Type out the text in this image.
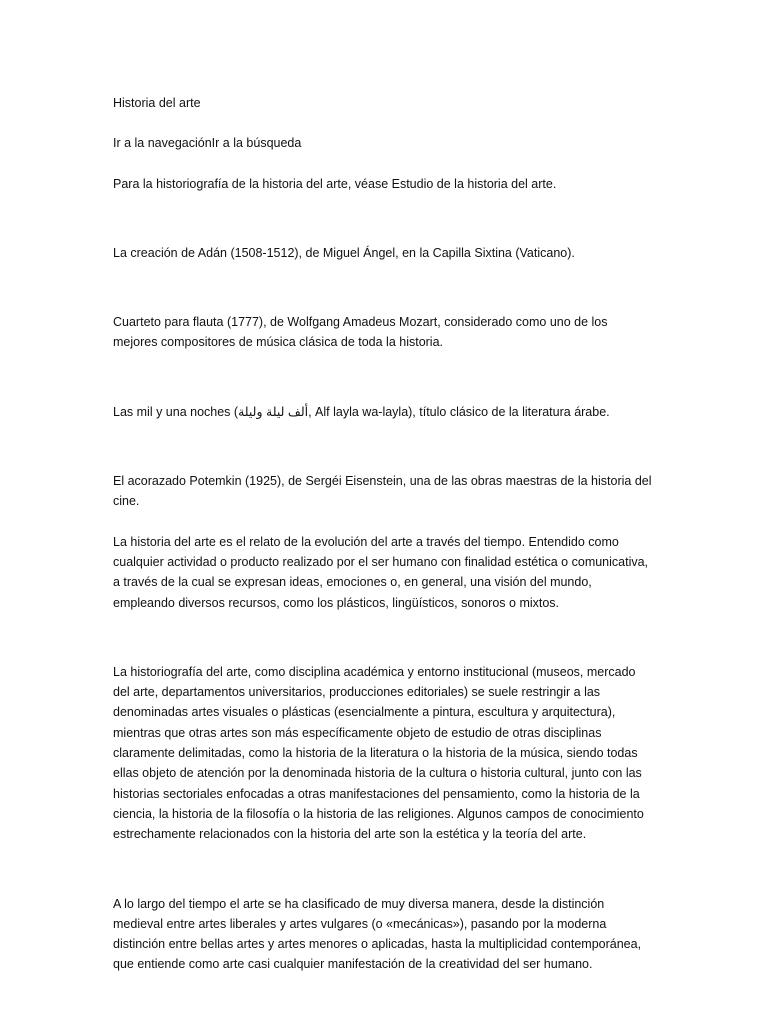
Historia del arte

Ir a la navegaciónIr a la búsqueda

Para la historiografía de la historia del arte, véase Estudio de la historia del arte.

La creación de Adán (1508-1512), de Miguel Ángel, en la Capilla Sixtina (Vaticano).

Cuarteto para flauta (1777), de Wolfgang Amadeus Mozart, considerado como uno de los mejores compositores de música clásica de toda la historia.

Las mil y una noches (ألف ليلة وليلة, Alf layla wa-layla), título clásico de la literatura árabe.

El acorazado Potemkin (1925), de Sergéi Eisenstein, una de las obras maestras de la historia del cine.

La historia del arte es el relato de la evolución del arte a través del tiempo. Entendido como cualquier actividad o producto realizado por el ser humano con finalidad estética o comunicativa, a través de la cual se expresan ideas, emociones o, en general, una visión del mundo, empleando diversos recursos, como los plásticos, lingüísticos, sonoros o mixtos.

La historiografía del arte, como disciplina académica y entorno institucional (museos, mercado del arte, departamentos universitarios, producciones editoriales) se suele restringir a las denominadas artes visuales o plásticas (esencialmente a pintura, escultura y arquitectura), mientras que otras artes son más específicamente objeto de estudio de otras disciplinas claramente delimitadas, como la historia de la literatura o la historia de la música, siendo todas ellas objeto de atención por la denominada historia de la cultura o historia cultural, junto con las historias sectoriales enfocadas a otras manifestaciones del pensamiento, como la historia de la ciencia, la historia de la filosofía o la historia de las religiones. Algunos campos de conocimiento estrechamente relacionados con la historia del arte son la estética y la teoría del arte.

A lo largo del tiempo el arte se ha clasificado de muy diversa manera, desde la distinción medieval entre artes liberales y artes vulgares (o «mecánicas»), pasando por la moderna distinción entre bellas artes y artes menores o aplicadas, hasta la multiplicidad contemporánea, que entiende como arte casi cualquier manifestación de la creatividad del ser humano.
